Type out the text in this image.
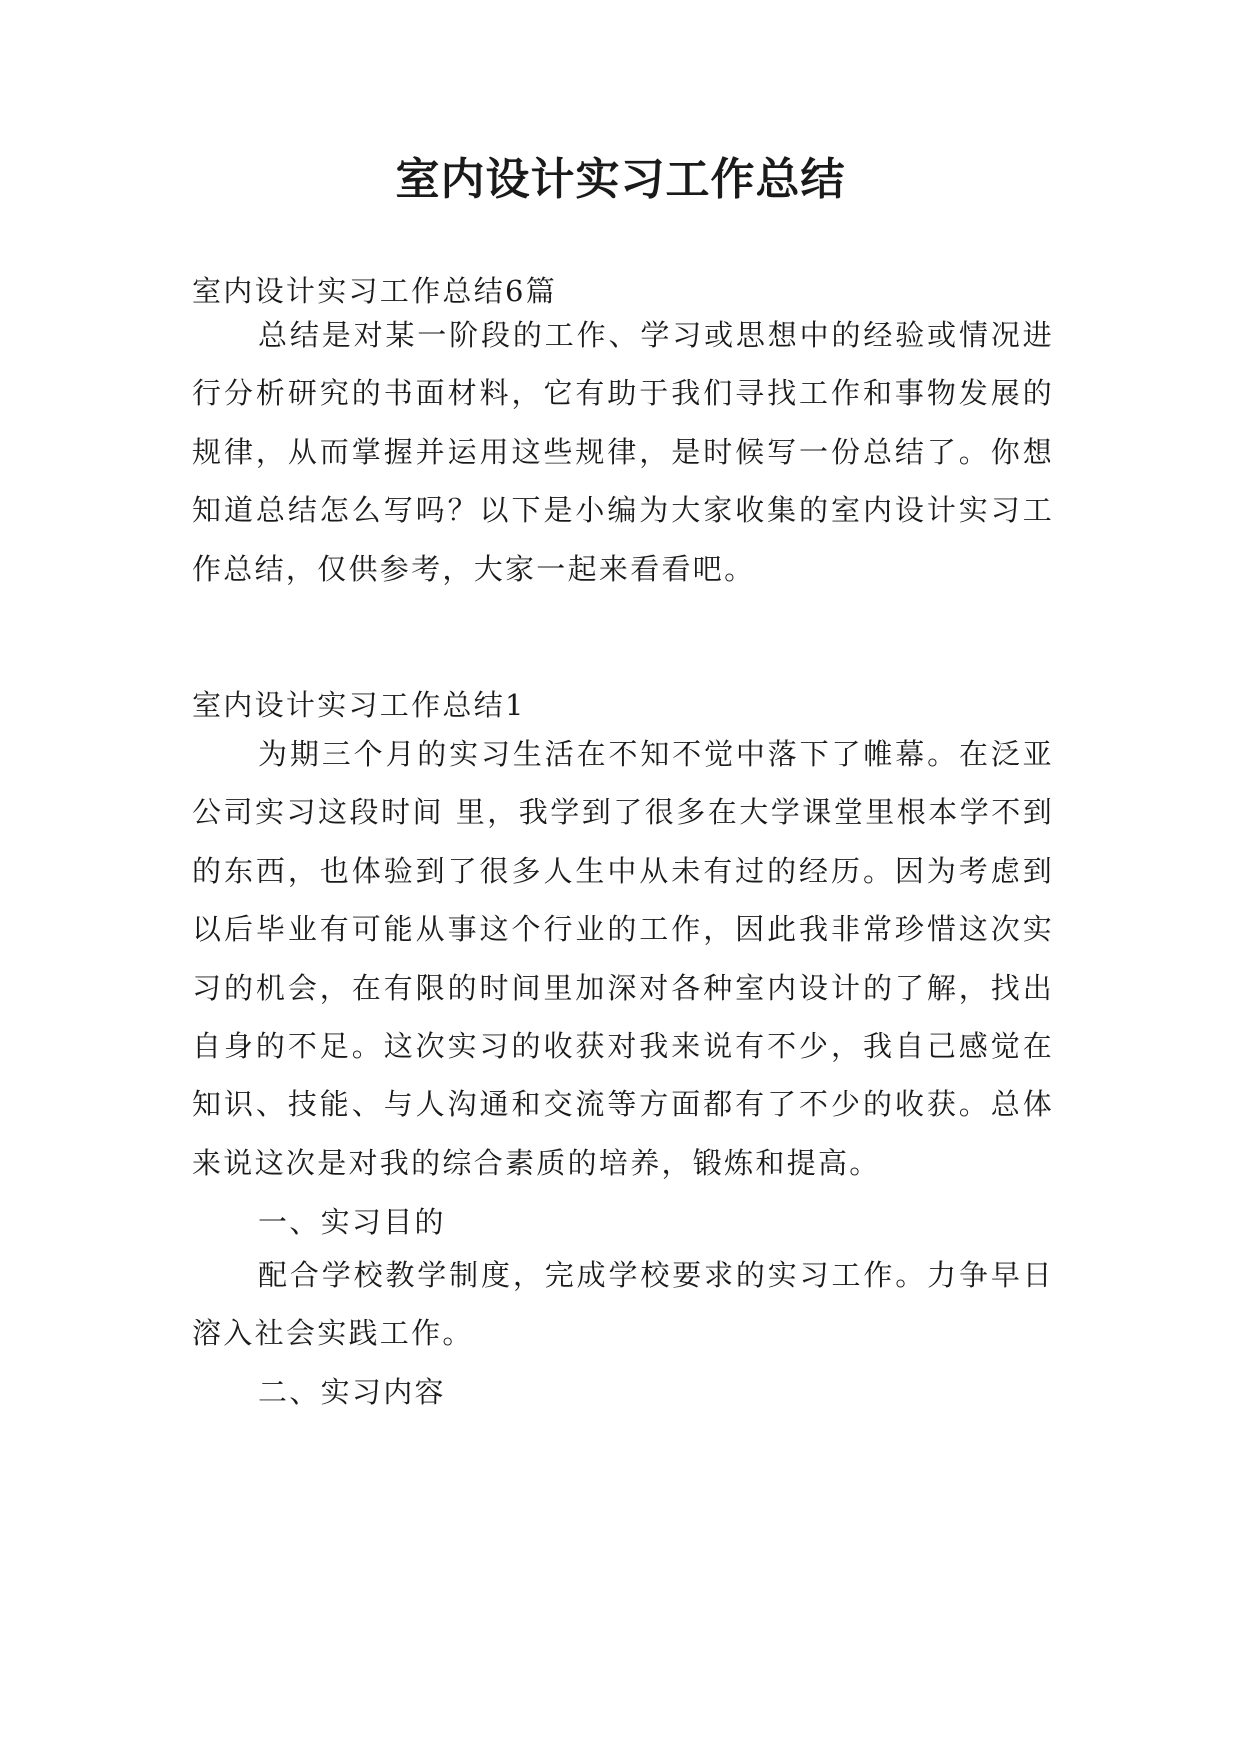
室内设计实习工作总结

室内设计实习工作总结6篇

总结是对某一阶段的工作、学习或思想中的经验或情况进行分析研究的书面材料，它有助于我们寻找工作和事物发展的规律，从而掌握并运用这些规律，是时候写一份总结了。你想知道总结怎么写吗？以下是小编为大家收集的室内设计实习工作总结，仅供参考，大家一起来看看吧。

室内设计实习工作总结1

为期三个月的实习生活在不知不觉中落下了帷幕。在泛亚公司实习这段时间 里，我学到了很多在大学课堂里根本学不到的东西，也体验到了很多人生中从未有过的经历。因为考虑到以后毕业有可能从事这个行业的工作，因此我非常珍惜这次实习的机会，在有限的时间里加深对各种室内设计的了解，找出自身的不足。这次实习的收获对我来说有不少，我自己感觉在知识、技能、与人沟通和交流等方面都有了不少的收获。总体来说这次是对我的综合素质的培养，锻炼和提高。

一、实习目的

配合学校教学制度，完成学校要求的实习工作。力争早日溶入社会实践工作。

二、实习内容
